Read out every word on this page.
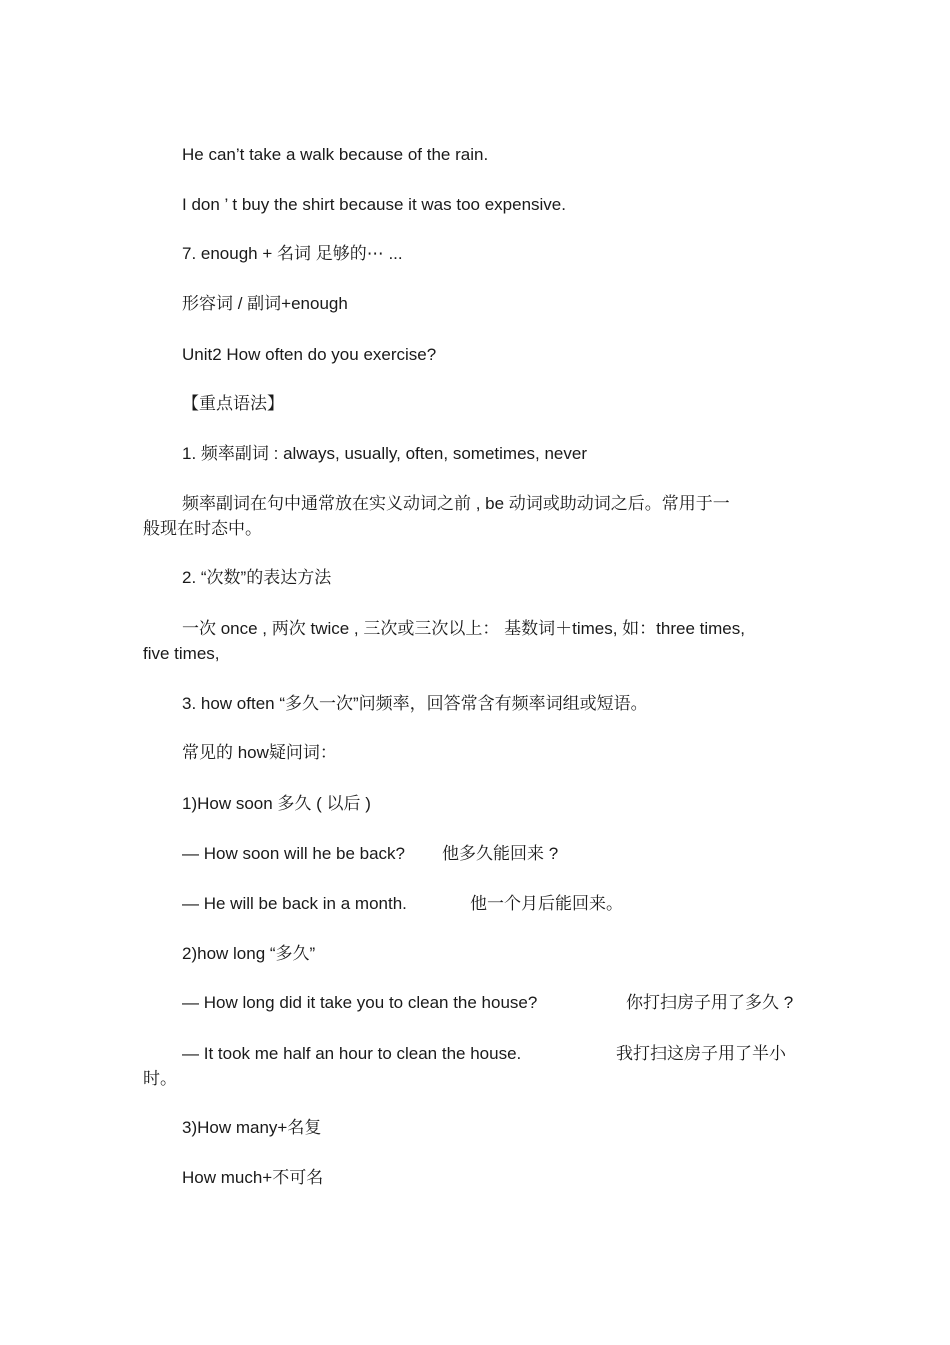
He can’t take a walk because of the rain.
I don ’ t buy the shirt because it was too expensive.
7. enough + 名词 足够的⋯ ...
形容词 / 副词+enough
Unit2 How often do you exercise?
【重点语法】
1. 频率副词 : always, usually, often, sometimes, never
频率副词在句中通常放在实义动词之前 , be 动词或助动词之后。常用于一
般现在时态中。
2. “次数”的表达方法
一次 once , 两次 twice , 三次或三次以上： 基数词＋times, 如：three times,
five times,
3. how often “多久一次”问频率，回答常含有频率词组或短语。
常见的 how疑问词：
1)How soon 多久 ( 以后 )
— How soon will he be back? 他多久能回来 ?
— He will be back in a month.	他一个月后能回来。
2)how long “多久”
— How long did it take you to clean the house?	你打扫房子用了多久 ?
— It took me half an hour to clean the house.	我打扫这房子用了半小
时。
3)How many+名复
How much+不可名
